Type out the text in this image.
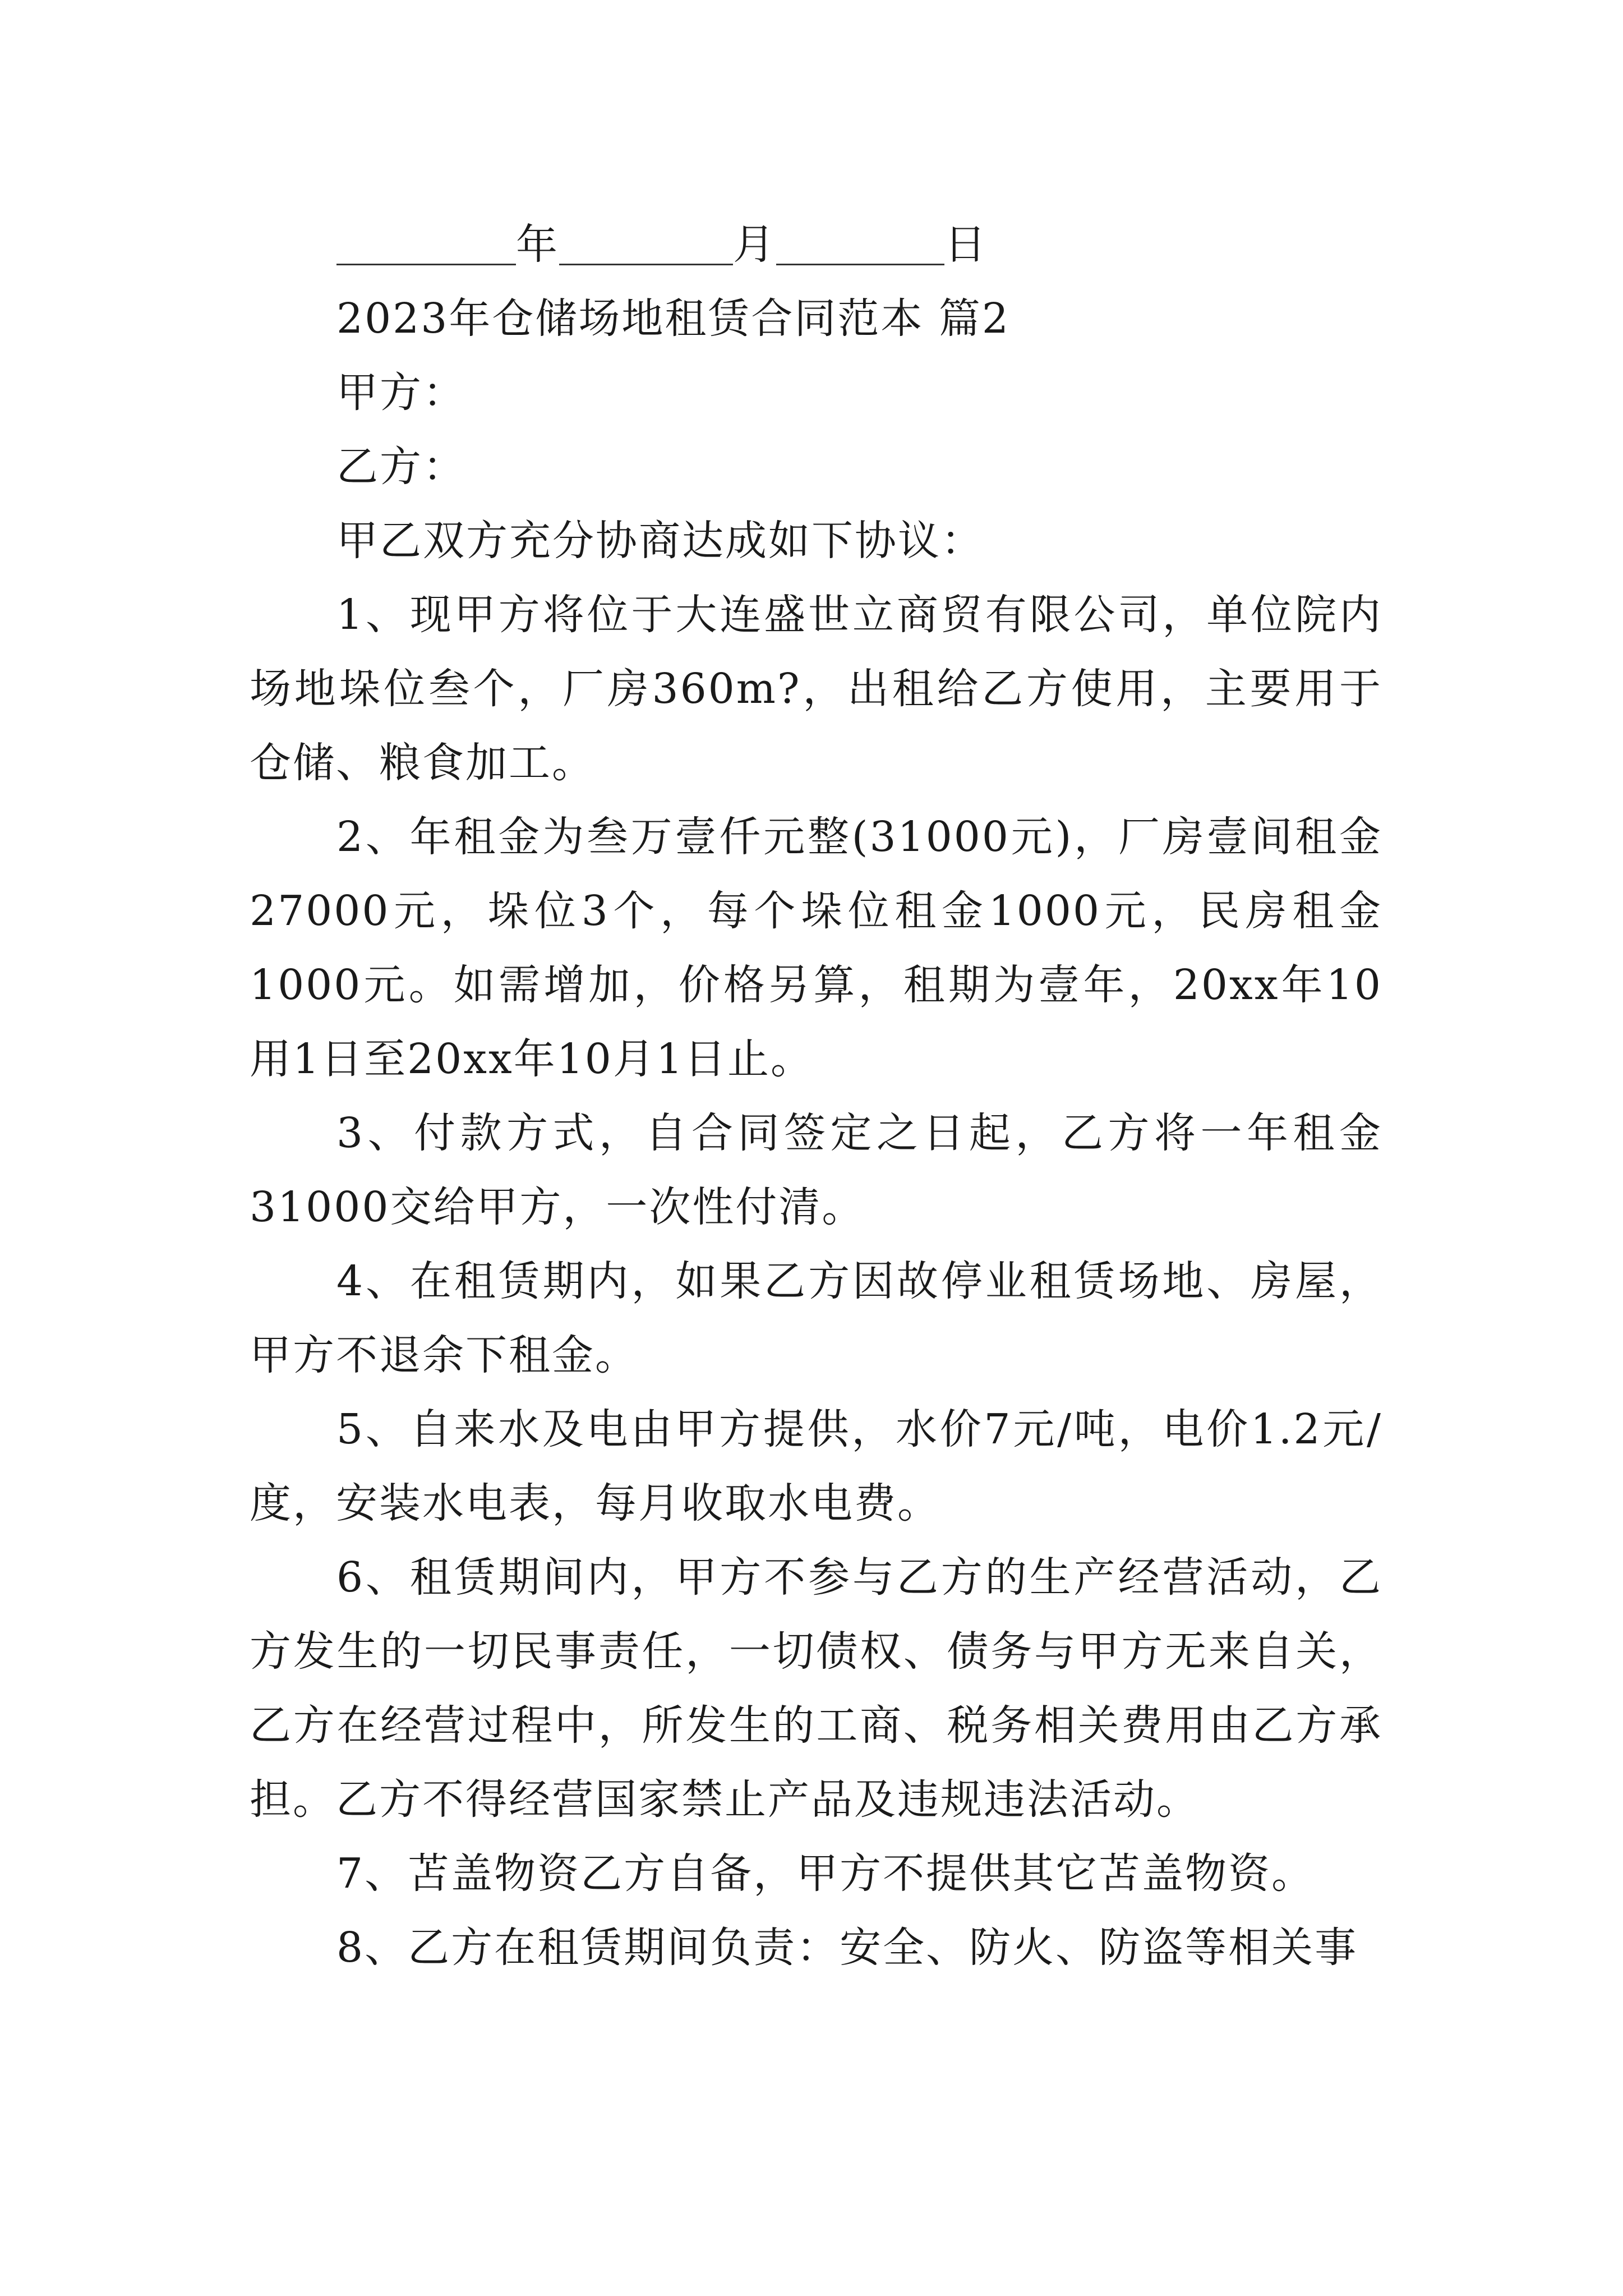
年	月	日

2023年仓储场地租赁合同范本 篇2

甲方：

乙方：

甲乙双方充分协商达成如下协议：

1、现甲方将位于大连盛世立商贸有限公司，单位院内场地垛位叁个，厂房360m?，出租给乙方使用，主要用于仓储、粮食加工。

2、年租金为叁万壹仟元整(31000元)，厂房壹间租金27000元，垛位3个，每个垛位租金1000元，民房租金1000元。如需增加，价格另算，租期为壹年，20xx年10用1日至20xx年10月1日止。

3、付款方式，自合同签定之日起，乙方将一年租金31000交给甲方，一次性付清。

4、在租赁期内，如果乙方因故停业租赁场地、房屋，甲方不退余下租金。

5、自来水及电由甲方提供，水价7元/吨，电价1.2元/度，安装水电表，每月收取水电费。

6、租赁期间内，甲方不参与乙方的生产经营活动，乙方发生的一切民事责任，一切债权、债务与甲方无来自关，乙方在经营过程中，所发生的工商、税务相关费用由乙方承担。乙方不得经营国家禁止产品及违规违法活动。

7、苫盖物资乙方自备，甲方不提供其它苫盖物资。

8、乙方在租赁期间负责：安全、防火、防盗等相关事
